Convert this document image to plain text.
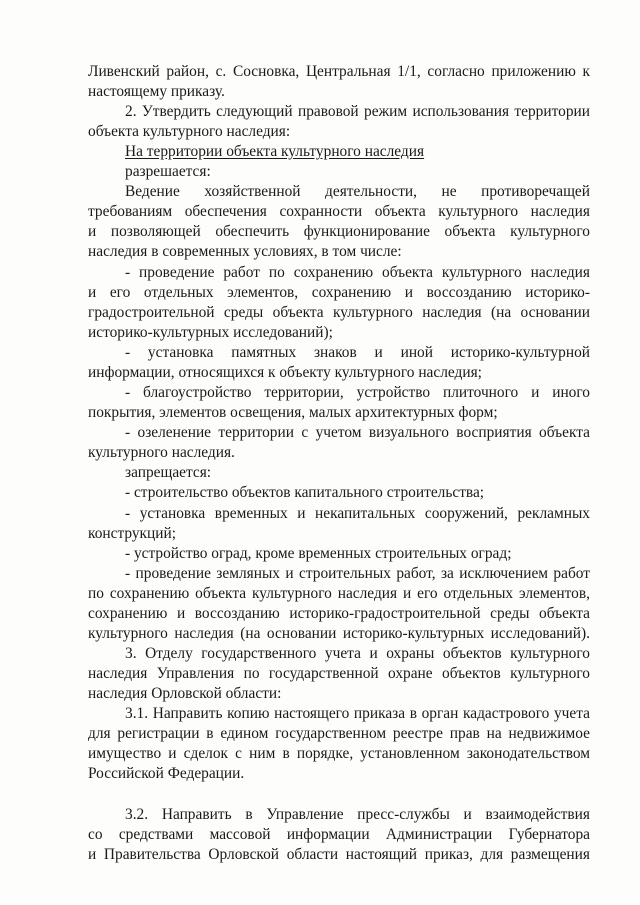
Ливенский район, с. Сосновка, Центральная 1/1, согласно приложению к

настоящему приказу.

2. Утвердить следующий правовой режим использования территории

объекта культурного наследия:

На территории объекта культурного наследия

разрешается:

Ведение хозяйственной деятельности, не противоречащей

требованиям обеспечения сохранности объекта культурного наследия

и позволяющей обеспечить функционирование объекта культурного

наследия в современных условиях, в том числе:

- проведение работ по сохранению объекта культурного наследия

и его отдельных элементов, сохранению и воссозданию историко-

градостроительной среды объекта культурного наследия (на основании

историко-культурных исследований);

- установка памятных знаков и иной историко-культурной

информации, относящихся к объекту культурного наследия;

- благоустройство территории, устройство плиточного и иного

покрытия, элементов освещения, малых архитектурных форм;

- озеленение территории с учетом визуального восприятия объекта

культурного наследия.

запрещается:

- строительство объектов капитального строительства;

- установка временных и некапитальных сооружений, рекламных

конструкций;

- устройство оград, кроме временных строительных оград;

- проведение земляных и строительных работ, за исключением работ

по сохранению объекта культурного наследия и его отдельных элементов,

сохранению и воссозданию историко-градостроительной среды объекта

культурного наследия (на основании историко-культурных исследований).

3. Отделу государственного учета и охраны объектов культурного

наследия Управления по государственной охране объектов культурного

наследия Орловской области:

3.1. Направить копию настоящего приказа в орган кадастрового учета

для регистрации в едином государственном реестре прав на недвижимое

имущество и сделок с ним в порядке, установленном законодательством

Российской Федерации.

3.2. Направить в Управление пресс-службы и взаимодействия

со средствами массовой информации Администрации Губернатора

и Правительства Орловской области настоящий приказ, для размещения
